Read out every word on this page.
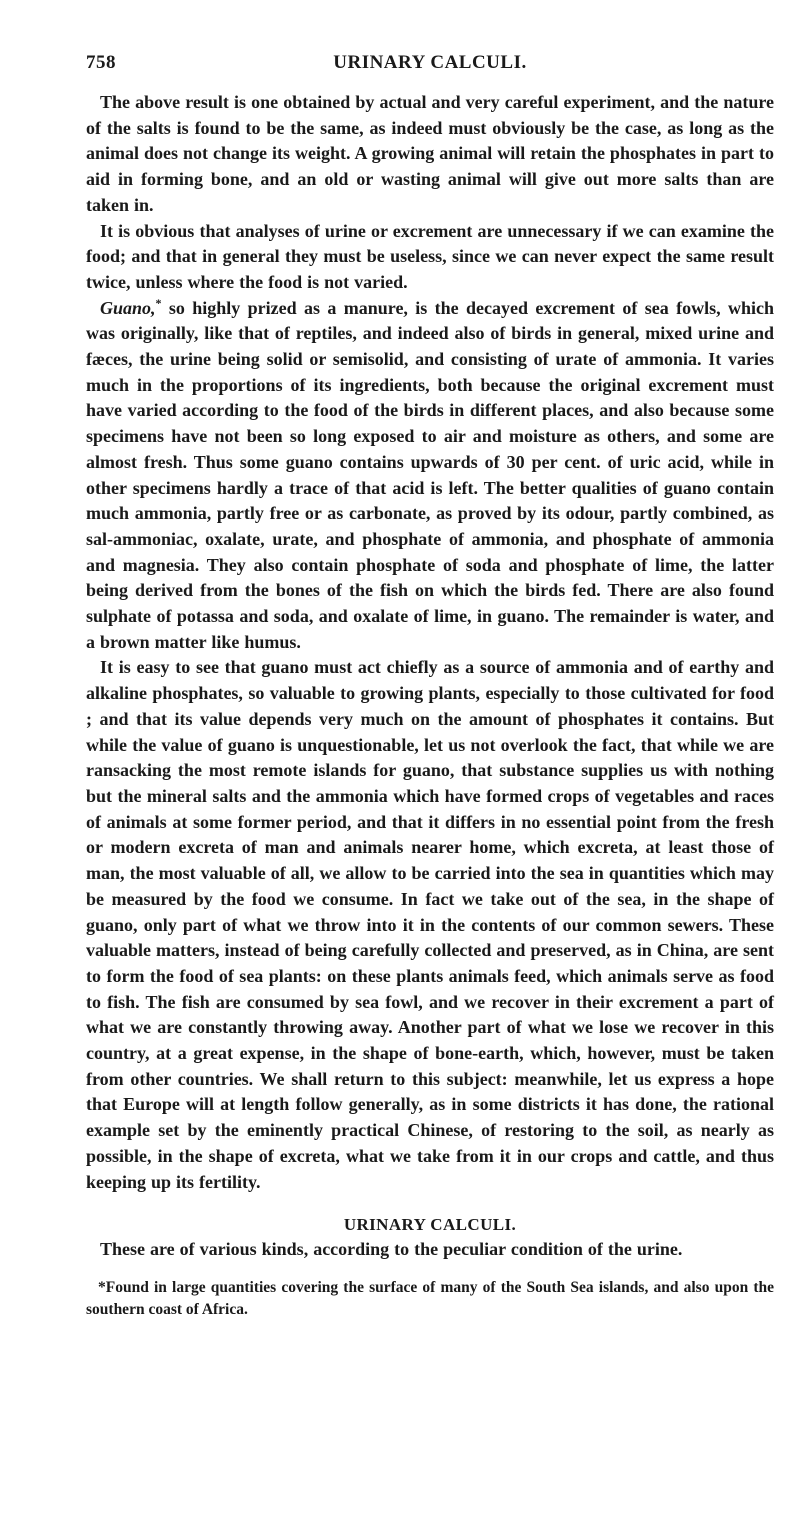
758	URINARY CALCULI.

The above result is one obtained by actual and very careful experiment, and the nature of the salts is found to be the same, as indeed must obviously be the case, as long as the animal does not change its weight. A growing animal will retain the phosphates in part to aid in forming bone, and an old or wasting animal will give out more salts than are taken in.

It is obvious that analyses of urine or excrement are unnecessary if we can examine the food; and that in general they must be useless, since we can never expect the same result twice, unless where the food is not varied.

Guano,* so highly prized as a manure, is the decayed excrement of sea fowls, which was originally, like that of reptiles, and indeed also of birds in general, mixed urine and fæces, the urine being solid or semisolid, and consisting of urate of ammonia. It varies much in the proportions of its ingredients, both because the original excrement must have varied according to the food of the birds in different places, and also because some specimens have not been so long exposed to air and moisture as others, and some are almost fresh. Thus some guano contains upwards of 30 per cent. of uric acid, while in other specimens hardly a trace of that acid is left. The better qualities of guano contain much ammonia, partly free or as carbonate, as proved by its odour, partly combined, as sal-ammoniac, oxalate, urate, and phosphate of ammonia, and phosphate of ammonia and magnesia. They also contain phosphate of soda and phosphate of lime, the latter being derived from the bones of the fish on which the birds fed. There are also found sulphate of potassa and soda, and oxalate of lime, in guano. The remainder is water, and a brown matter like humus.

It is easy to see that guano must act chiefly as a source of ammonia and of earthy and alkaline phosphates, so valuable to growing plants, especially to those cultivated for food ; and that its value depends very much on the amount of phosphates it contains. But while the value of guano is unquestionable, let us not overlook the fact, that while we are ransacking the most remote islands for guano, that substance supplies us with nothing but the mineral salts and the ammonia which have formed crops of vegetables and races of animals at some former period, and that it differs in no essential point from the fresh or modern excreta of man and animals nearer home, which excreta, at least those of man, the most valuable of all, we allow to be carried into the sea in quantities which may be measured by the food we consume. In fact we take out of the sea, in the shape of guano, only part of what we throw into it in the contents of our common sewers. These valuable matters, instead of being carefully collected and preserved, as in China, are sent to form the food of sea plants: on these plants animals feed, which animals serve as food to fish. The fish are consumed by sea fowl, and we recover in their excrement a part of what we are constantly throwing away. Another part of what we lose we recover in this country, at a great expense, in the shape of bone-earth, which, however, must be taken from other countries. We shall return to this subject: meanwhile, let us express a hope that Europe will at length follow generally, as in some districts it has done, the rational example set by the eminently practical Chinese, of restoring to the soil, as nearly as possible, in the shape of excreta, what we take from it in our crops and cattle, and thus keeping up its fertility.

URINARY CALCULI.

These are of various kinds, according to the peculiar condition of the urine.

*Found in large quantities covering the surface of many of the South Sea islands, and also upon the southern coast of Africa.
